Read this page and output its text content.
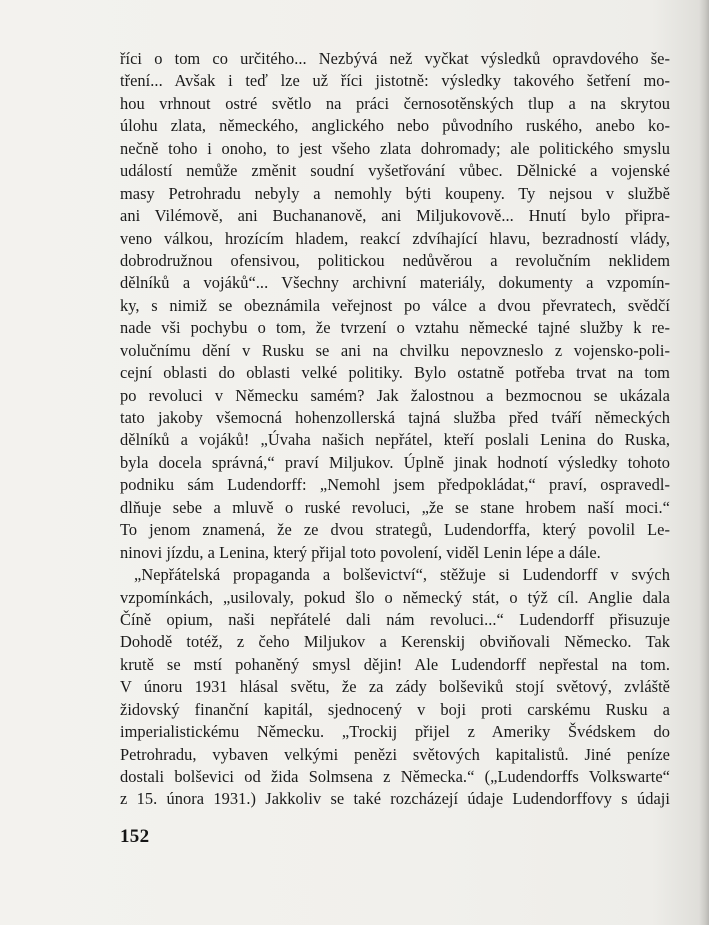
říci o tom co určitého... Nezbývá než vyčkat výsledků opravdového še-
tření... Avšak i teď lze už říci jistotně: výsledky takového šetření mo-
hou vrhnout ostré světlo na práci černosotěnských tlup a na skrytou
úlohu zlata, německého, anglického nebo původního ruského, anebo ko-
nečně toho i onoho, to jest všeho zlata dohromady; ale politického smyslu
událostí nemůže změnit soudní vyšetřování vůbec. Dělnické a vojenské
masy Petrohradu nebyly a nemohly býti koupeny. Ty nejsou v službě
ani Vilémově, ani Buchananově, ani Miljukovově... Hnutí bylo připra-
veno válkou, hrozícím hladem, reakcí zdvíhající hlavu, bezradností vlády,
dobrodružnou ofensivou, politickou nedůvěrou a revolučním neklidem
dělníků a vojáků“... Všechny archivní materiály, dokumenty a vzpomín-
ky, s nimiž se obeznámila veřejnost po válce a dvou převratech, svědčí
nade vši pochybu o tom, že tvrzení o vztahu německé tajné služby k re-
volučnímu dění v Rusku se ani na chvilku nepovzneslo z vojensko-poli-
cejní oblasti do oblasti velké politiky. Bylo ostatně potřeba trvat na tom
po revoluci v Německu samém? Jak žalostnou a bezmocnou se ukázala
tato jakoby všemocná hohenzollerská tajná služba před tváří německých
dělníků a vojáků! „Úvaha našich nepřátel, kteří poslali Lenina do Ruska,
byla docela správná,“ praví Miljukov. Úplně jinak hodnotí výsledky tohoto
podniku sám Ludendorff: „Nemohl jsem předpokládat,“ praví, ospravedl-
dlňuje sebe a mluvě o ruské revoluci, „že se stane hrobem naší moci.“
To jenom znamená, že ze dvou strategů, Ludendorffa, který povolil Le-
ninovi jízdu, a Lenina, který přijal toto povolení, viděl Lenin lépe a dále.
„Nepřátelská propaganda a bolševictví“, stěžuje si Ludendorff v svých
vzpomínkách, „usilovaly, pokud šlo o německý stát, o týž cíl. Anglie dala
Číně opium, naši nepřátelé dali nám revoluci...“ Ludendorff přisuzuje
Dohodě totéž, z čeho Miljukov a Kerenskij obviňovali Německo. Tak
krutě se mstí pohaněný smysl dějin! Ale Ludendorff nepřestal na tom.
V únoru 1931 hlásal světu, že za zády bolševiků stojí světový, zvláště
židovský finanční kapitál, sjednocený v boji proti carskému Rusku a
imperialistickému Německu. „Trockij přijel z Ameriky Švédskem do
Petrohradu, vybaven velkými penězi světových kapitalistů. Jiné peníze
dostali bolševici od žida Solmsena z Německa.“ („Ludendorffs Volkswarte“
z 15. února 1931.) Jakkoliv se také rozcházejí údaje Ludendorffovy s údaji
152
